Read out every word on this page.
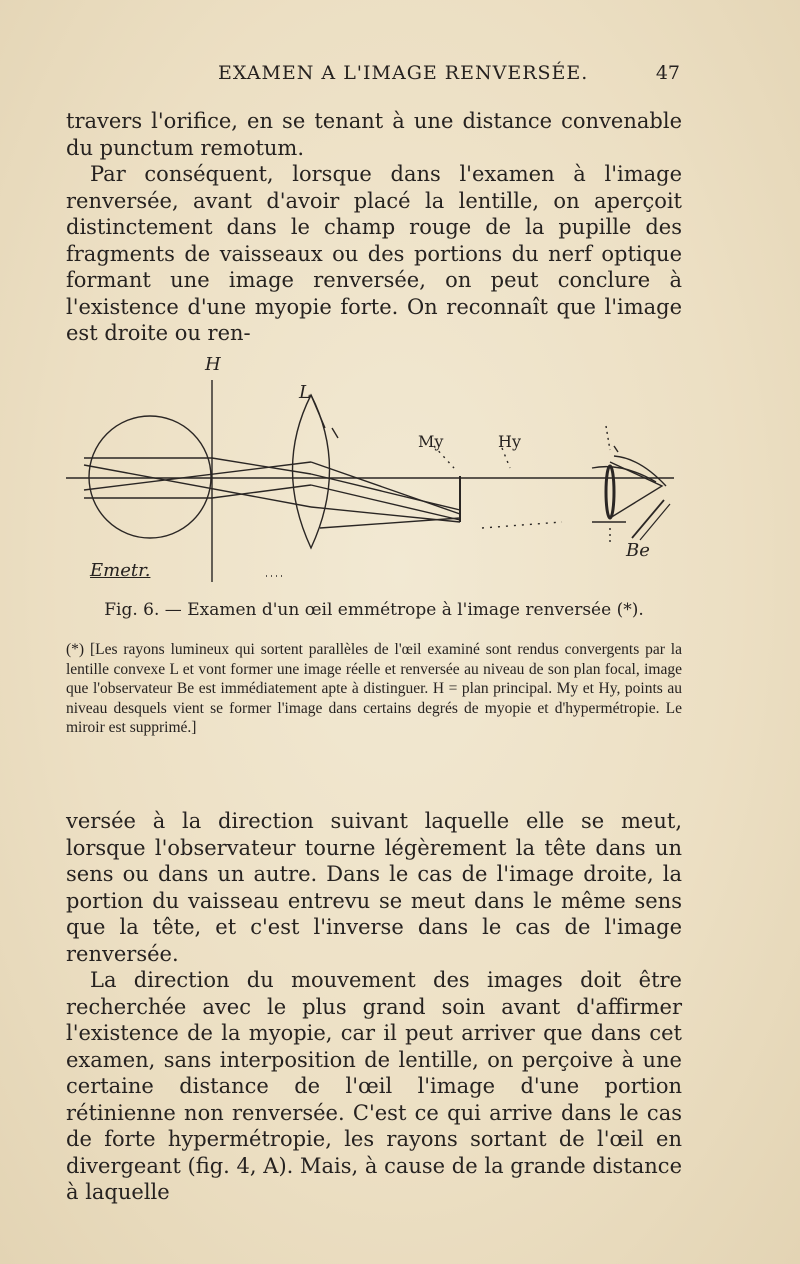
EXAMEN A L'IMAGE RENVERSÉE.	47

travers l'orifice, en se tenant à une distance convenable du punctum remotum.

Par conséquent, lorsque dans l'examen à l'image renversée, avant d'avoir placé la lentille, on aperçoit distinctement dans le champ rouge de la pupille des fragments de vaisseaux ou des portions du nerf optique formant une image renversée, on peut conclure à l'existence d'une myopie forte. On reconnaît que l'image est droite ou ren-

H
L
My	Hy
Be
Emetr.
Fig. 6. — Examen d'un œil emmétrope à l'image renversée (*).
(*) [Les rayons lumineux qui sortent parallèles de l'œil examiné sont rendus convergents par la lentille convexe L et vont former une image réelle et renversée au niveau de son plan focal, image que l'observateur Be est immédiatement apte à distinguer. H = plan principal. My et Hy, points au niveau desquels vient se former l'image dans certains degrés de myopie et d'hypermétropie. Le miroir est supprimé.]

versée à la direction suivant laquelle elle se meut, lorsque l'observateur tourne légèrement la tête dans un sens ou dans un autre. Dans le cas de l'image droite, la portion du vaisseau entrevu se meut dans le même sens que la tête, et c'est l'inverse dans le cas de l'image renversée.

La direction du mouvement des images doit être recherchée avec le plus grand soin avant d'affirmer l'existence de la myopie, car il peut arriver que dans cet examen, sans interposition de lentille, on perçoive à une certaine distance de l'œil l'image d'une portion rétinienne non renversée. C'est ce qui arrive dans le cas de forte hypermétropie, les rayons sortant de l'œil en divergeant (fig. 4, A). Mais, à cause de la grande distance à laquelle
